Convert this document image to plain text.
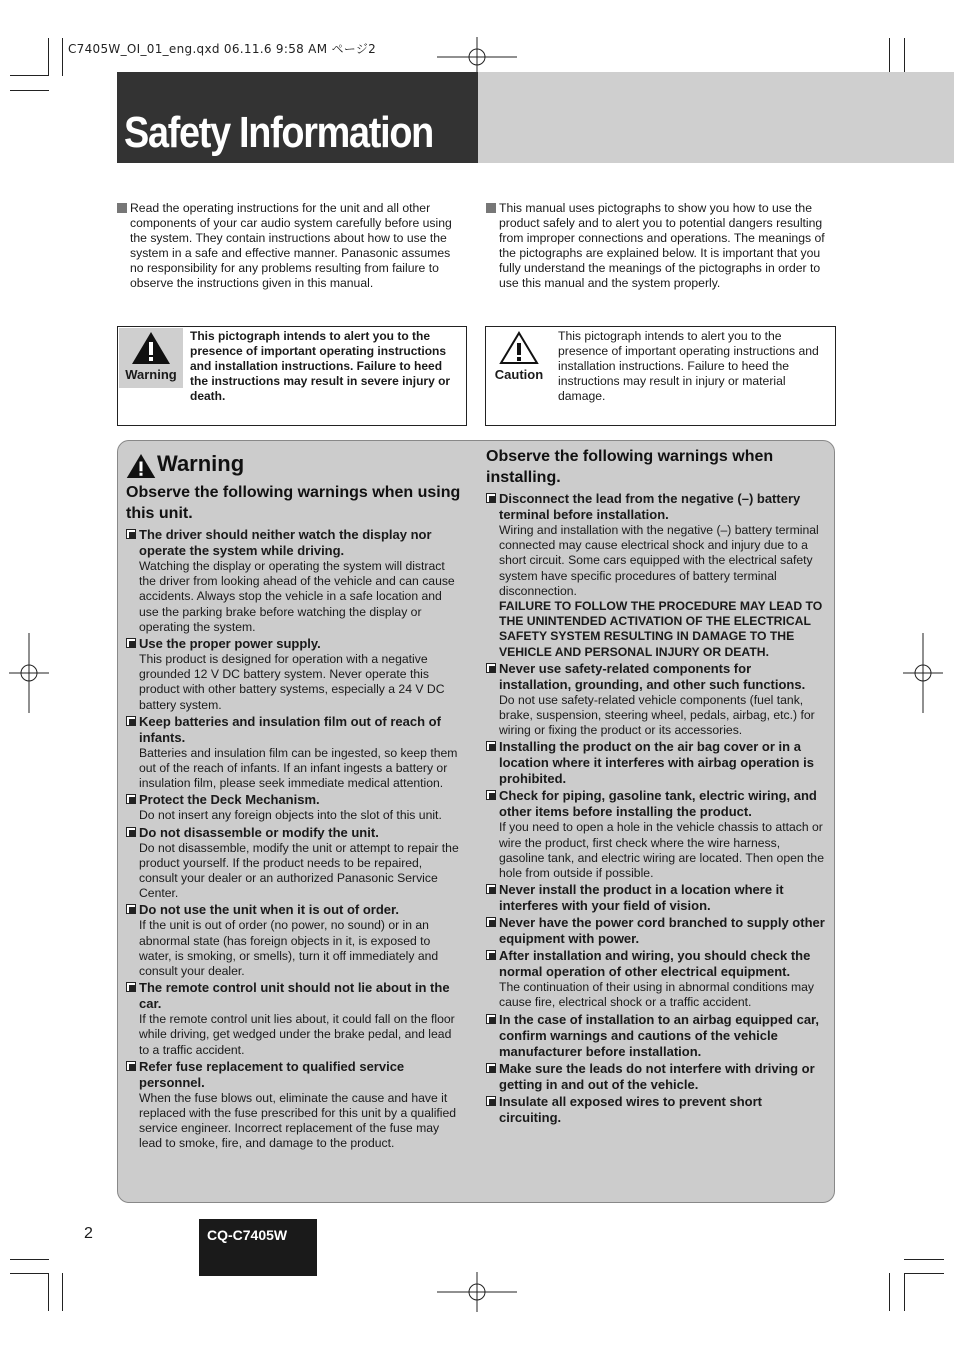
C7405W_OI_01_eng.qxd 06.11.6 9:58 AM ページ2
Safety Information
Read the operating instructions for the unit and all other components of your car audio system carefully before using the system. They contain instructions about how to use the system in a safe and effective manner. Panasonic assumes no responsibility for any problems resulting from failure to observe the instructions given in this manual.
This manual uses pictographs to show you how to use the product safely and to alert you to potential dangers resulting from improper connections and operations. The meanings of the pictographs are explained below. It is important that you fully understand the meanings of the pictographs in order to use this manual and the system properly.
Warning
This pictograph intends to alert you to the presence of important operating instructions and installation instructions. Failure to heed the instructions may result in severe injury or death.
Caution
This pictograph intends to alert you to the presence of important operating instructions and installation instructions. Failure to heed the instructions may result in injury or material damage.
Warning
Observe the following warnings when using this unit.
The driver should neither watch the display nor operate the system while driving.
Watching the display or operating the system will distract the driver from looking ahead of the vehicle and can cause accidents. Always stop the vehicle in a safe location and use the parking brake before watching the display or operating the system.
Use the proper power supply.
This product is designed for operation with a negative grounded 12 V DC battery system. Never operate this product with other battery systems, especially a 24 V DC battery system.
Keep batteries and insulation film out of reach of infants.
Batteries and insulation film can be ingested, so keep them out of the reach of infants. If an infant ingests a battery or insulation film, please seek immediate medical attention.
Protect the Deck Mechanism.
Do not insert any foreign objects into the slot of this unit.
Do not disassemble or modify the unit.
Do not disassemble, modify the unit or attempt to repair the product yourself. If the product needs to be repaired, consult your dealer or an authorized Panasonic Service Center.
Do not use the unit when it is out of order.
If the unit is out of order (no power, no sound) or in an abnormal state (has foreign objects in it, is exposed to water, is smoking, or smells), turn it off immediately and consult your dealer.
The remote control unit should not lie about in the car.
If the remote control unit lies about, it could fall on the floor while driving, get wedged under the brake pedal, and lead to a traffic accident.
Refer fuse replacement to qualified service personnel.
When the fuse blows out, eliminate the cause and have it replaced with the fuse prescribed for this unit by a qualified service engineer. Incorrect replacement of the fuse may lead to smoke, fire, and damage to the product.
Observe the following warnings when installing.
Disconnect the lead from the negative (–) battery terminal before installation.
Wiring and installation with the negative (–) battery terminal connected may cause electrical shock and injury due to a short circuit. Some cars equipped with the electrical safety system have specific procedures of battery terminal disconnection.
FAILURE TO FOLLOW THE PROCEDURE MAY LEAD TO THE UNINTENDED ACTIVATION OF THE ELECTRICAL SAFETY SYSTEM RESULTING IN DAMAGE TO THE VEHICLE AND PERSONAL INJURY OR DEATH.
Never use safety-related components for installation, grounding, and other such functions.
Do not use safety-related vehicle components (fuel tank, brake, suspension, steering wheel, pedals, airbag, etc.) for wiring or fixing the product or its accessories.
Installing the product on the air bag cover or in a location where it interferes with airbag operation is prohibited.
Check for piping, gasoline tank, electric wiring, and other items before installing the product.
If you need to open a hole in the vehicle chassis to attach or wire the product, first check where the wire harness, gasoline tank, and electric wiring are located. Then open the hole from outside if possible.
Never install the product in a location where it interferes with your field of vision.
Never have the power cord branched to supply other equipment with power.
After installation and wiring, you should check the normal operation of other electrical equipment.
The continuation of their using in abnormal conditions may cause fire, electrical shock or a traffic accident.
In the case of installation to an airbag equipped car, confirm warnings and cautions of the vehicle manufacturer before installation.
Make sure the leads do not interfere with driving or getting in and out of the vehicle.
Insulate all exposed wires to prevent short circuiting.
2	CQ-C7405W
